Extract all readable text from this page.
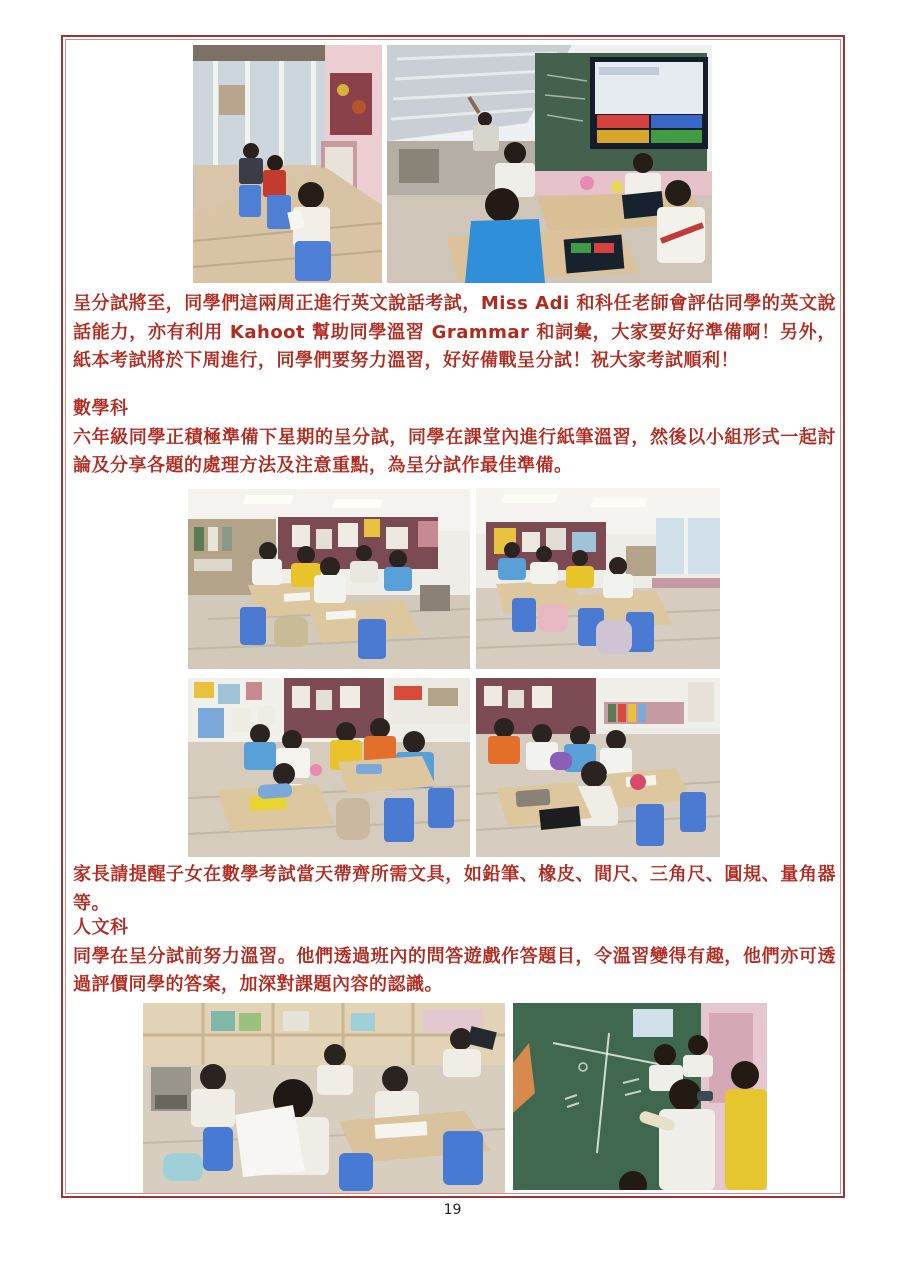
呈分試將至，同學們這兩周正進行英文說話考試，Miss Adi 和科任老師會評估同學的英文說話能力，亦有利用 Kahoot 幫助同學溫習 Grammar 和詞彙，大家要好好準備啊！另外，紙本考試將於下周進行，同學們要努力溫習，好好備戰呈分試！祝大家考試順利！
數學科
六年級同學正積極準備下星期的呈分試，同學在課堂內進行紙筆溫習，然後以小組形式一起討論及分享各題的處理方法及注意重點，為呈分試作最佳準備。
家長請提醒子女在數學考試當天帶齊所需文具，如鉛筆、橡皮、間尺、三角尺、圓規、量角器等。
人文科
同學在呈分試前努力溫習。他們透過班內的問答遊戲作答題目，令溫習變得有趣，他們亦可透過評價同學的答案，加深對課題內容的認識。
19
